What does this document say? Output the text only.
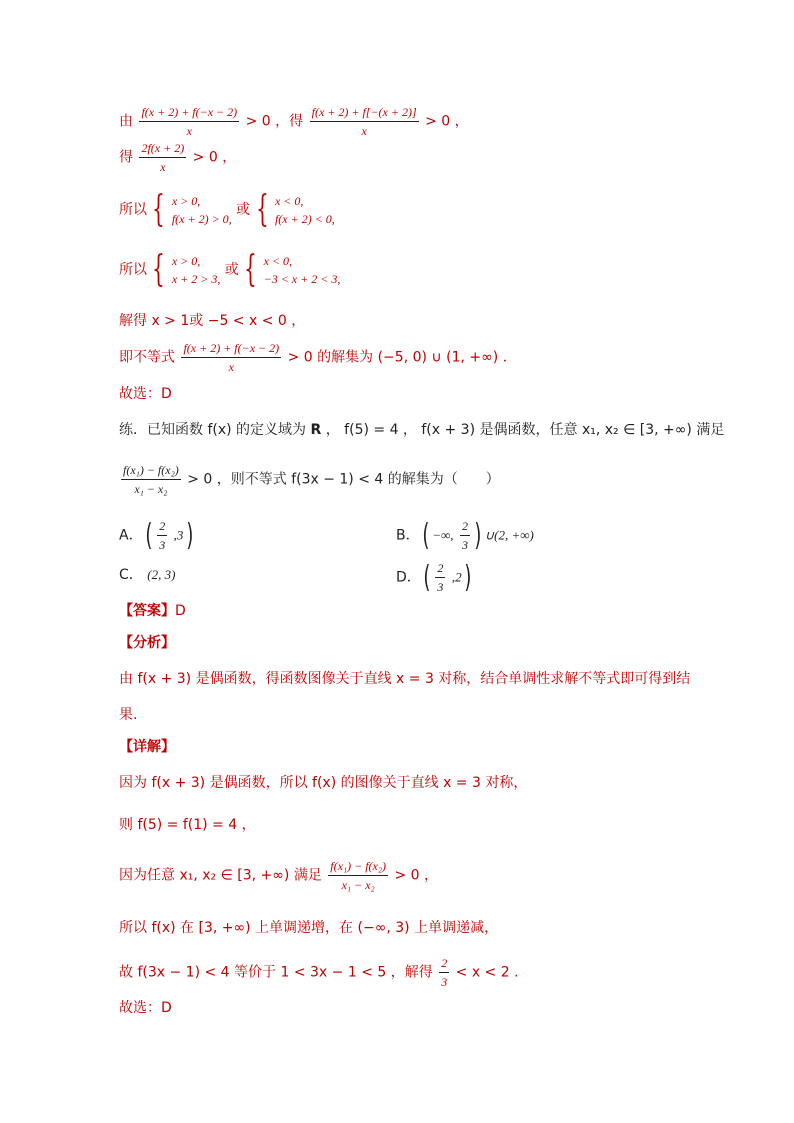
由 $\frac{f(x + 2) + f(-x - 2)}{x} > 0$ ，得 $\frac{f(x + 2) + f[-(x + 2)]}{x} > 0$ ，
得 $\frac{2f(x + 2)}{x} > 0$ ，
所以 { x > 0,
f(x + 2) > 0,
或 { x < 0,
f(x + 2) < 0,
所以 { x > 0,
x + 2 > 3,
或 { x < 0,
−3 < x + 2 < 3,
解得 x > 1或 −5 < x < 0 ，
即不等式 $\frac{f(x + 2) + f(-x - 2)}{x} > 0$ 的解集为 (−5, 0) ∪ (1, +∞) ．
故选：D
练．已知函数 f(x) 的定义域为 R ， f(5) = 4 ， f(x + 3) 是偶函数，任意 x₁, x₂ ∈ [3, +∞) 满足
$\frac{\text{f(x₁) − f(x₂)}}{\text{x₁ − x₂}} > 0$ ，则不等式 f(3x − 1) < 4 的解集为（　　）
A． ( $\frac{2}{3} ,3$ )	B． ( −∞, $\frac{2}{3}$ ) ∪(2, +∞)
C． (2, 3)	D． ( $\frac{2}{3} ,2$ )
【答案】D
【分析】
由 f(x + 3) 是偶函数，得函数图像关于直线 x = 3 对称，结合单调性求解不等式即可得到结
果.
【详解】
因为 f(x + 3) 是偶函数，所以 f(x) 的图像关于直线 x = 3 对称，
则 f(5) = f(1) = 4 ，
因为任意 x₁, x₂ ∈ [3, +∞) 满足 $\frac{\text{f(x₁) − f(x₂)}}{\text{x₁ − x₂}} > 0$ ，
所以 f(x) 在 [3, +∞) 上单调递增，在 (−∞, 3) 上单调递减，
故 f(3x − 1) < 4 等价于 1 < 3x − 1 < 5 ，解得 $\frac{2}{3} < x < 2$ .
故选：D
